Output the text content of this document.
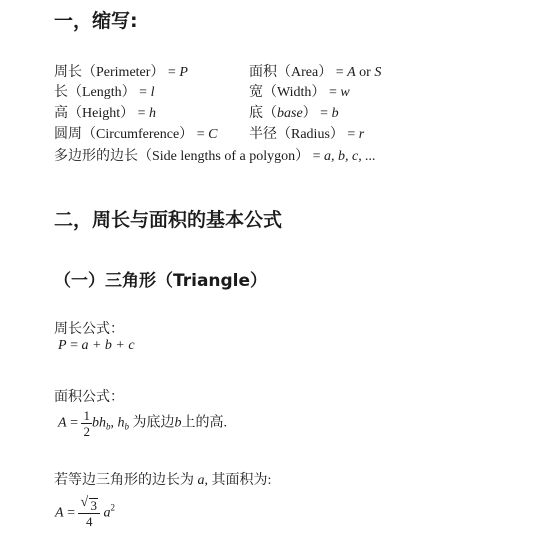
一，缩写:
周长（Perimeter） = P	面积（Area） = A or S
长（Length） = l	宽（Width） = w
高（Height） = h	底（base） = b
圆周（Circumference） = C 半径（Radius） = r
多边形的边长（Side lengths of a polygon） = a, b, c, ...
二，周长与面积的基本公式
（一）三角形（Triangle）
周长公式：
P = a + b + c
面积公式：
$A = \frac{1}{2} bh_b$, $h_b$ 为底边b上的高.
若等边三角形的边长为 a, 其面积为:
$A = \frac{√ 3}{4} a^2$
